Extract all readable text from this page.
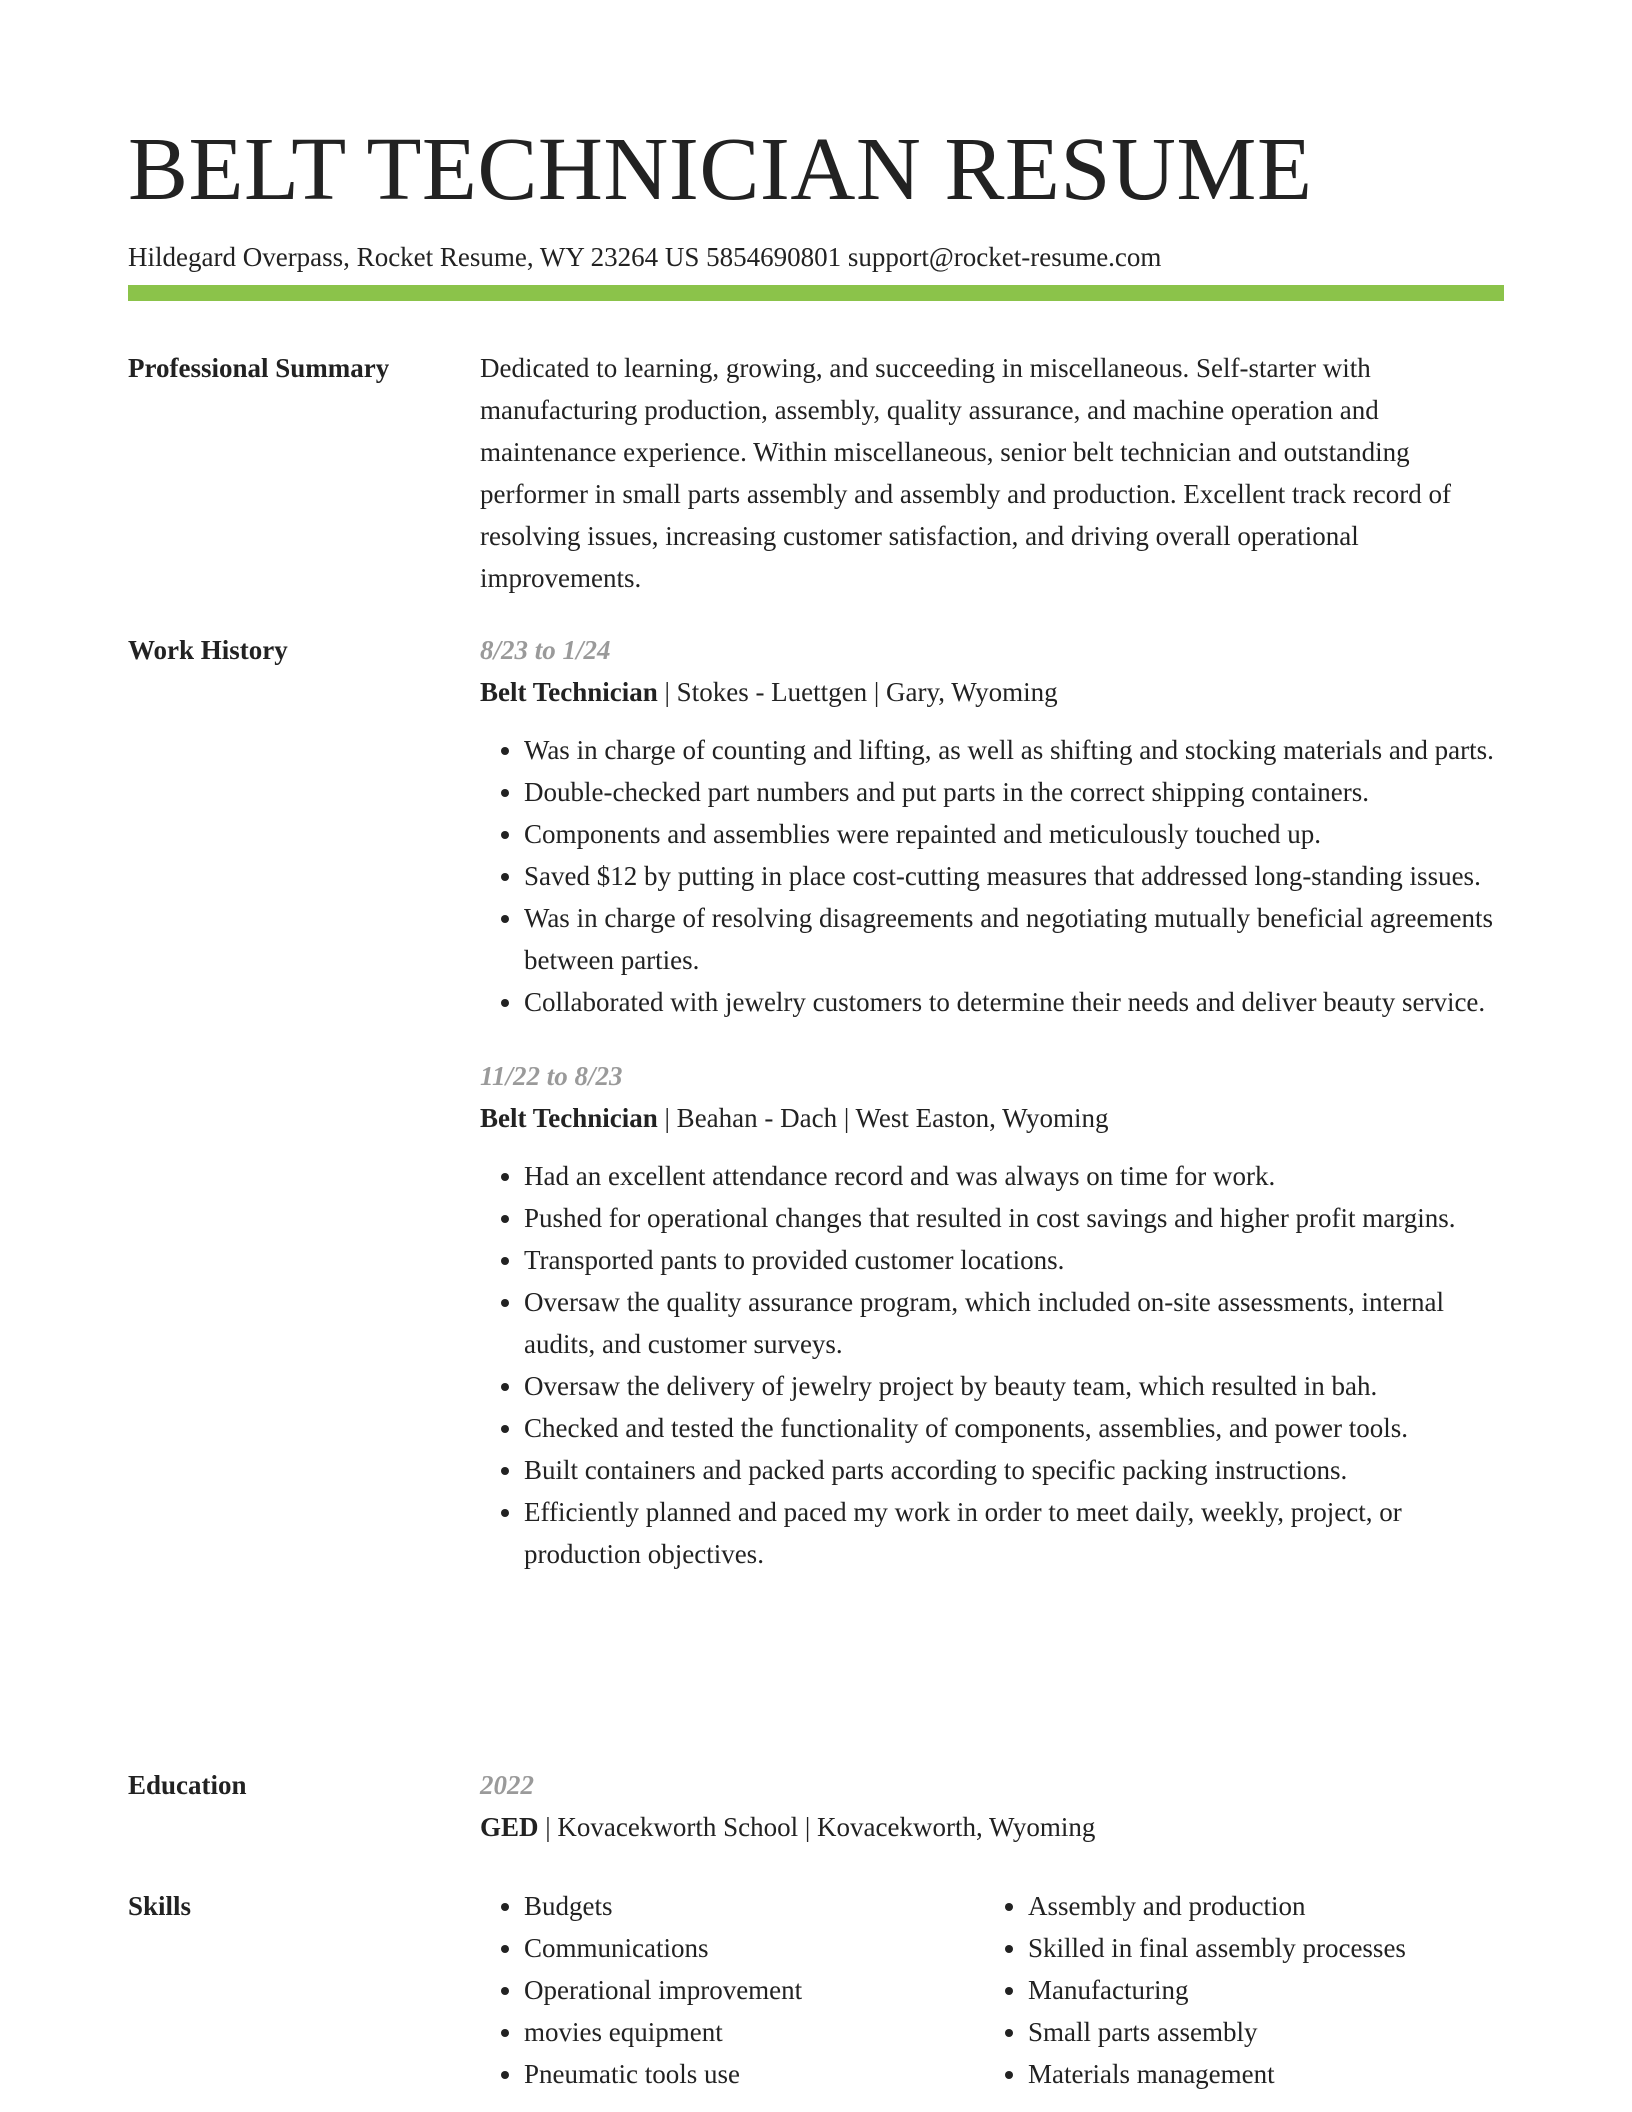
BELT TECHNICIAN RESUME
Hildegard Overpass, Rocket Resume, WY 23264 US 5854690801 support@rocket-resume.com
Professional Summary	Dedicated to learning, growing, and succeeding in miscellaneous. Self-starter with manufacturing production, assembly, quality assurance, and machine operation and maintenance experience. Within miscellaneous, senior belt technician and outstanding performer in small parts assembly and assembly and production. Excellent track record of resolving issues, increasing customer satisfaction, and driving overall operational improvements.

Work History	8/23 to 1/24
Belt Technician | Stokes - Luettgen | Gary, Wyoming
• Was in charge of counting and lifting, as well as shifting and stocking materials and parts.
• Double-checked part numbers and put parts in the correct shipping containers.
• Components and assemblies were repainted and meticulously touched up.
• Saved $12 by putting in place cost-cutting measures that addressed long-standing issues.
• Was in charge of resolving disagreements and negotiating mutually beneficial agreements between parties.
• Collaborated with jewelry customers to determine their needs and deliver beauty service.
11/22 to 8/23
Belt Technician | Beahan - Dach | West Easton, Wyoming
• Had an excellent attendance record and was always on time for work.
• Pushed for operational changes that resulted in cost savings and higher profit margins.
• Transported pants to provided customer locations.
• Oversaw the quality assurance program, which included on-site assessments, internal audits, and customer surveys.
• Oversaw the delivery of jewelry project by beauty team, which resulted in bah.
• Checked and tested the functionality of components, assemblies, and power tools.
• Built containers and packed parts according to specific packing instructions.
• Efficiently planned and paced my work in order to meet daily, weekly, project, or production objectives.
Education	2022
GED | Kovacekworth School | Kovacekworth, Wyoming
Skills
•	Budgets
• Communications
• Operational improvement
• movies equipment
• Pneumatic tools use
• Assembly and production
• Skilled in final assembly processes
• Manufacturing
• Small parts assembly
• Materials management
